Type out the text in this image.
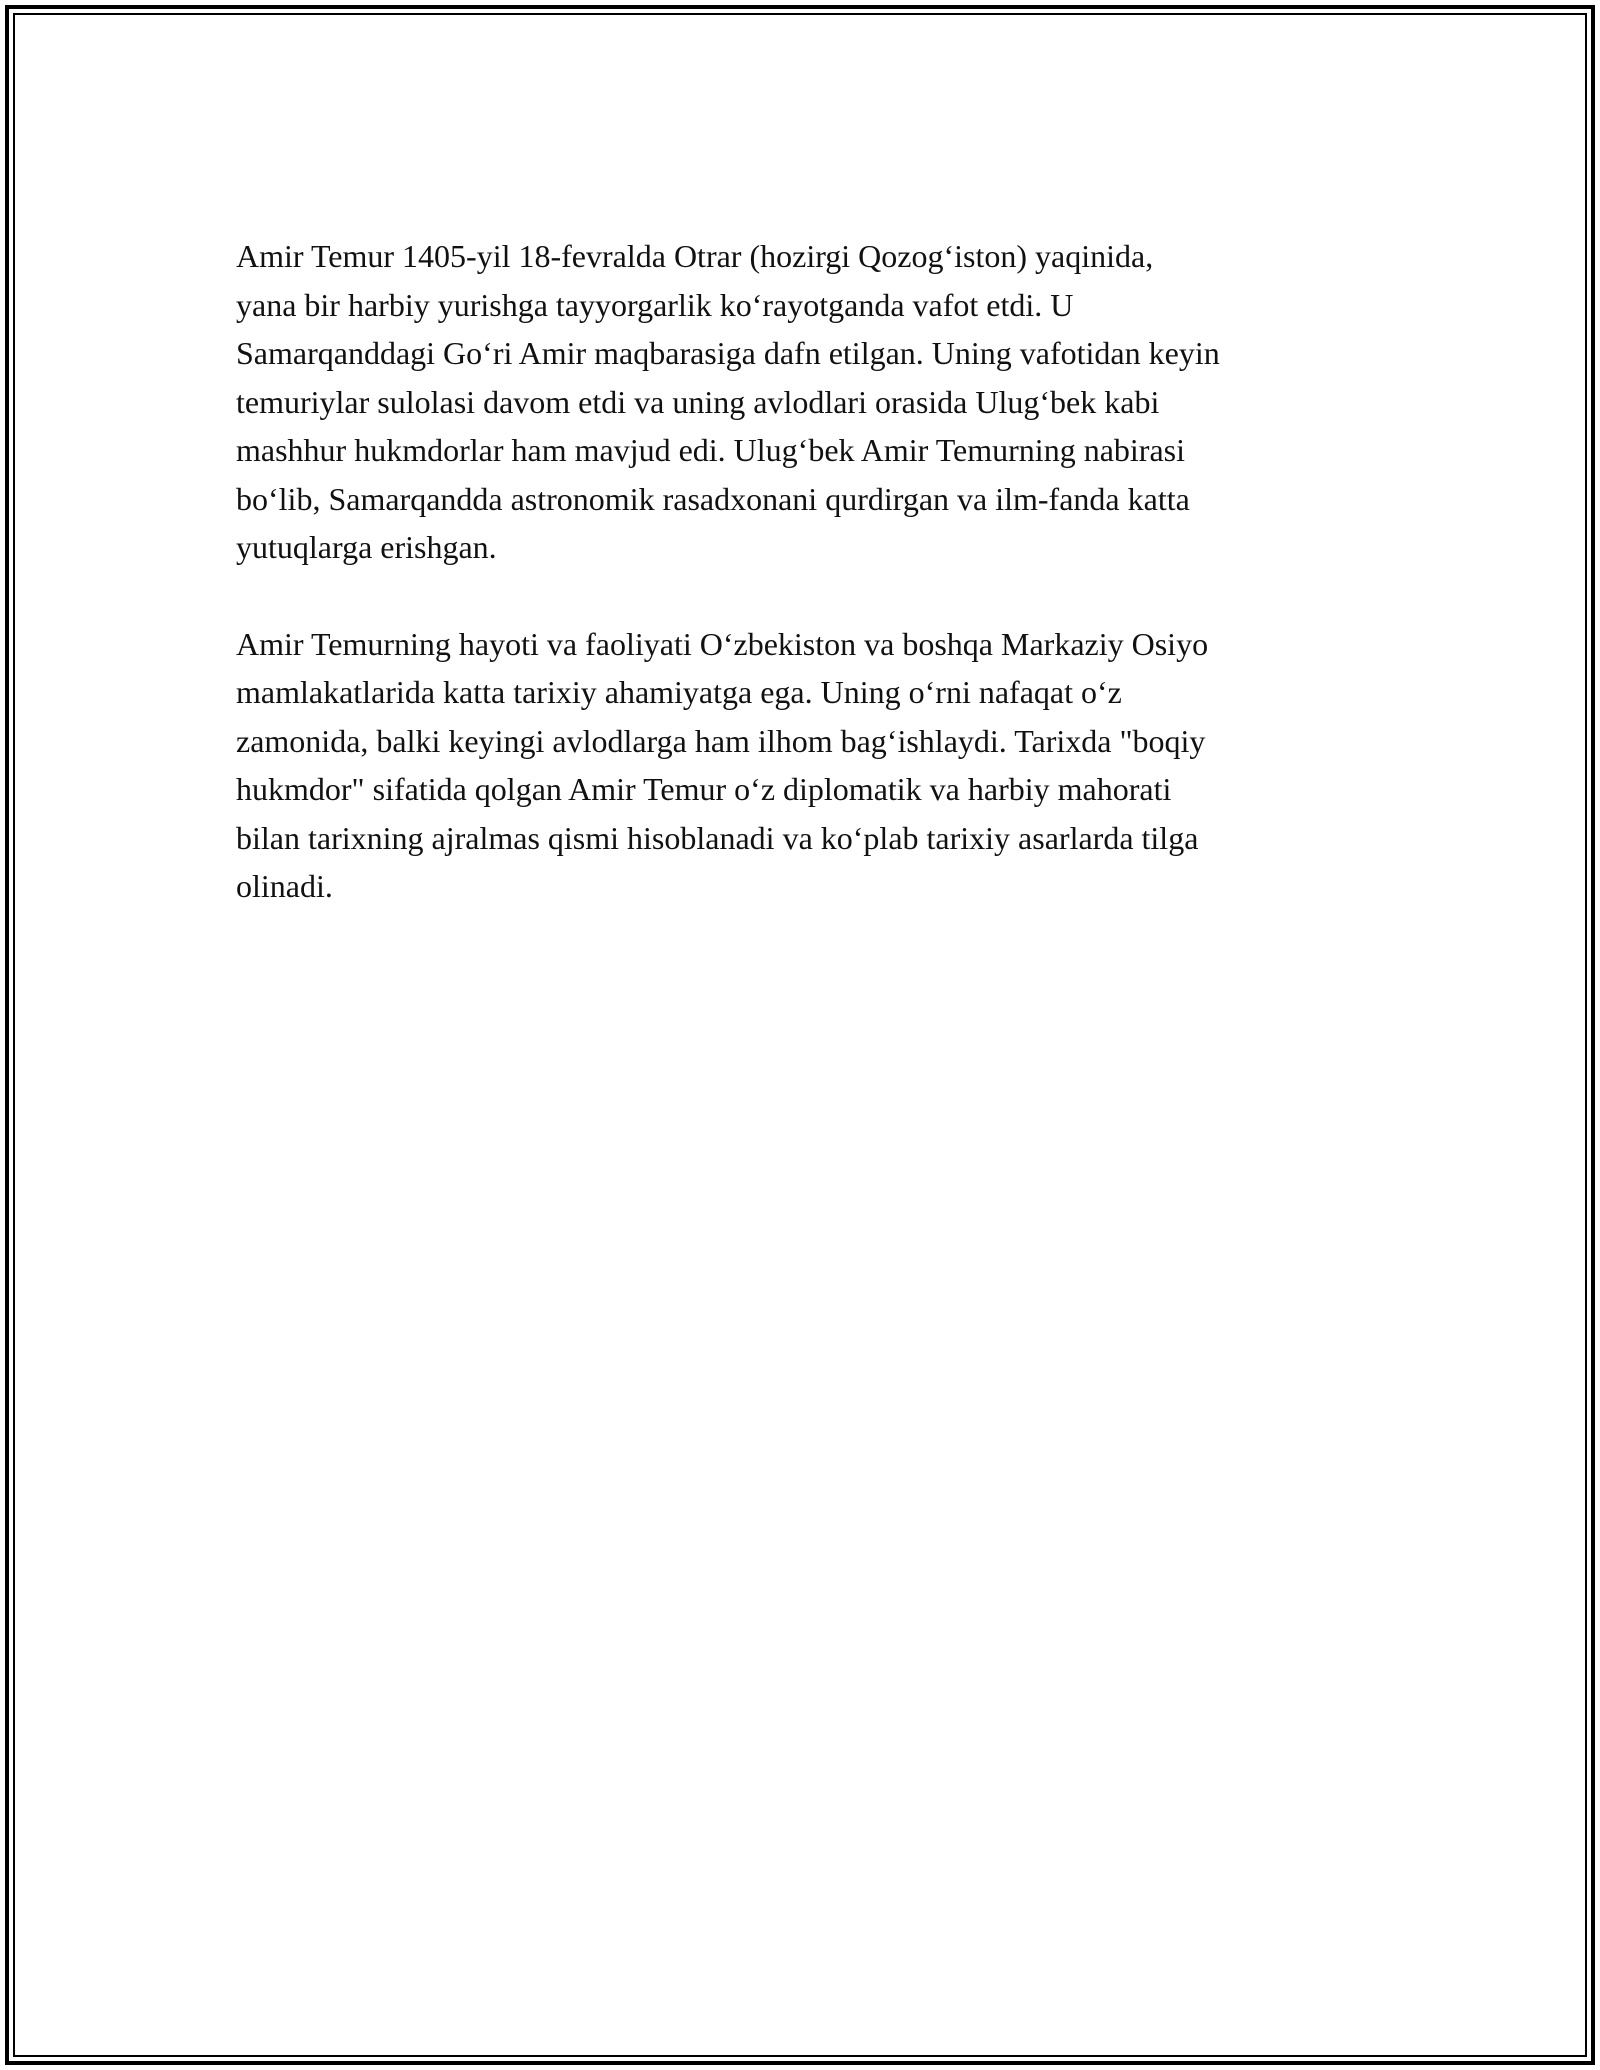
Amir Temur 1405-yil 18-fevralda Otrar (hozirgi Qozog‘iston) yaqinida,
yana bir harbiy yurishga tayyorgarlik ko‘rayotganda vafot etdi. U
Samarqanddagi Go‘ri Amir maqbarasiga dafn etilgan. Uning vafotidan keyin
temuriylar sulolasi davom etdi va uning avlodlari orasida Ulug‘bek kabi
mashhur hukmdorlar ham mavjud edi. Ulug‘bek Amir Temurning nabirasi
bo‘lib, Samarqandda astronomik rasadxonani qurdirgan va ilm-fanda katta
yutuqlarga erishgan.

Amir Temurning hayoti va faoliyati O‘zbekiston va boshqa Markaziy Osiyo
mamlakatlarida katta tarixiy ahamiyatga ega. Uning o‘rni nafaqat o‘z
zamonida, balki keyingi avlodlarga ham ilhom bag‘ishlaydi. Tarixda "boqiy
hukmdor" sifatida qolgan Amir Temur o‘z diplomatik va harbiy mahorati
bilan tarixning ajralmas qismi hisoblanadi va ko‘plab tarixiy asarlarda tilga
olinadi.
